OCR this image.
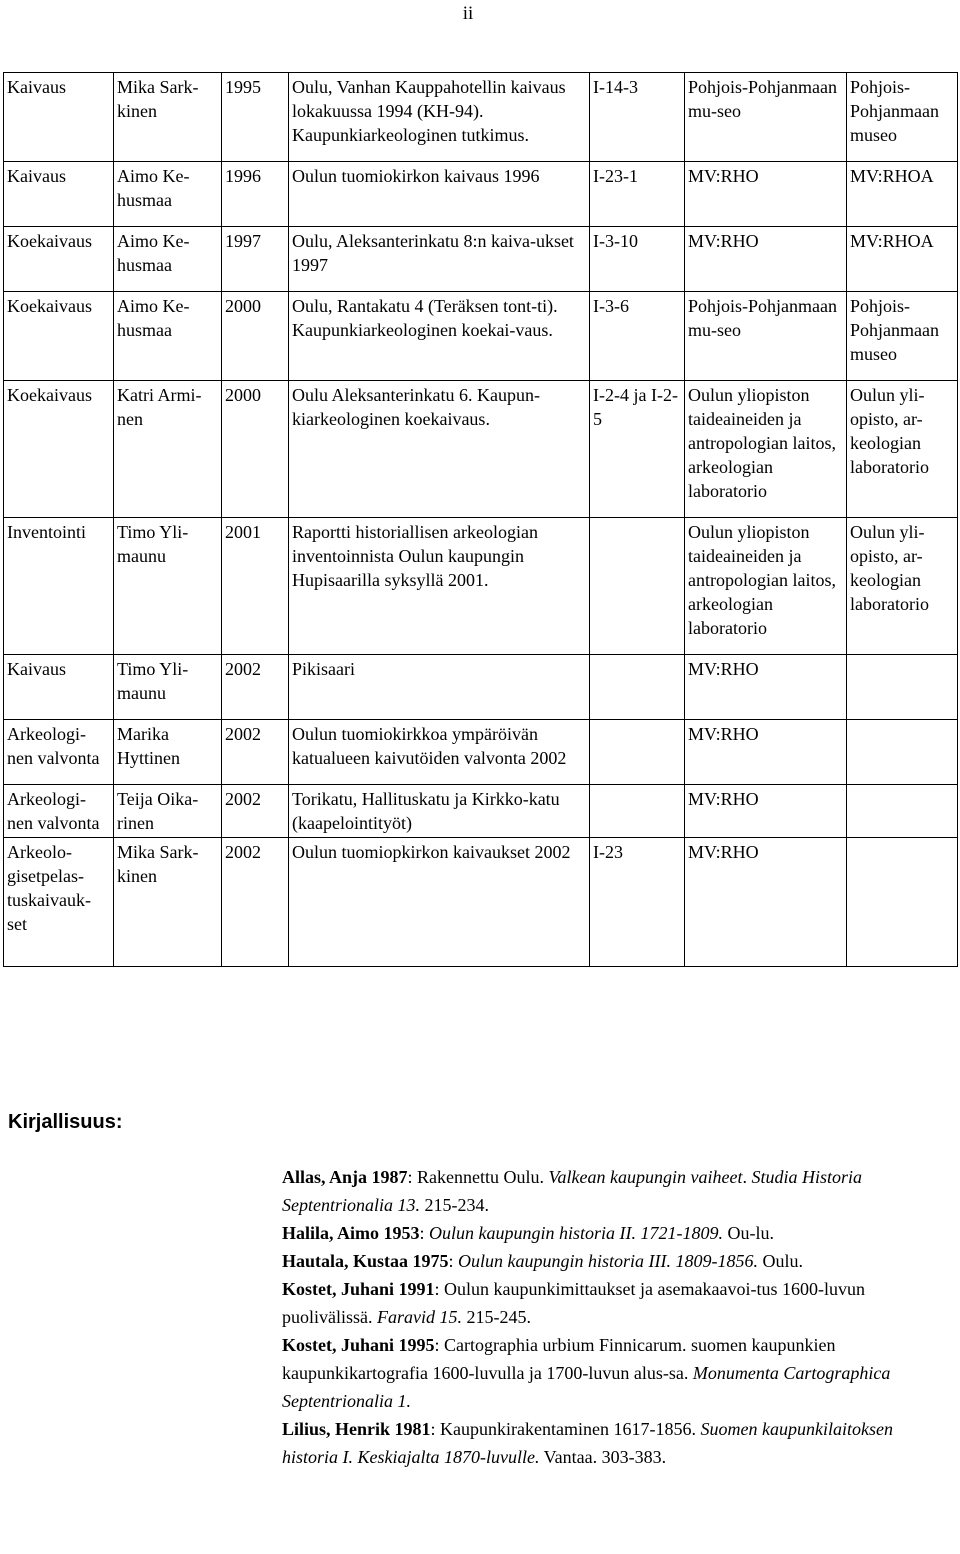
ii
Kaivaus	Mika Sark-kinen	1995	Oulu, Vanhan Kauppahotellin kaivaus lokakuussa 1994 (KH-94). Kaupunkiarkeologinen tutkimus.	I-14-3	Pohjois-Pohjanmaan mu-seo	Pohjois-Pohjanmaan museo
Kaivaus	Aimo Ke-husmaa	1996	Oulun tuomiokirkon kaivaus 1996	I-23-1	MV:RHO	MV:RHOA
Koekaivaus	Aimo Ke-husmaa	1997	Oulu, Aleksanterinkatu 8:n kaiva-ukset 1997	I-3-10	MV:RHO	MV:RHOA
Koekaivaus	Aimo Ke-husmaa	2000	Oulu, Rantakatu 4 (Teräksen tont-ti). Kaupunkiarkeologinen koekai-vaus.	I-3-6	Pohjois-Pohjanmaan mu-seo	Pohjois-Pohjanmaan museo
Koekaivaus	Katri Armi-nen	2000	Oulu Aleksanterinkatu 6. Kaupun-kiarkeologinen koekaivaus.	I-2-4 ja I-2-5	Oulun yliopiston taideaineiden ja antropologian laitos, arkeologian laboratorio	Oulun yli-opisto, ar-keologian laboratorio
Inventointi	Timo Yli-maunu	2001	Raportti historiallisen arkeologian inventoinnista Oulun kaupungin Hupisaarilla syksyllä 2001.		Oulun yliopiston taideaineiden ja antropologian laitos, arkeologian laboratorio	Oulun yli-opisto, ar-keologian laboratorio
Kaivaus	Timo Yli-maunu	2002	Pikisaari		MV:RHO	
Arkeologi-nen valvonta	Marika Hyttinen	2002	Oulun tuomiokirkkoa ympäröivän katualueen kaivutöiden valvonta 2002		MV:RHO	
Arkeologi-nen valvonta	Teija Oika-rinen	2002	Torikatu, Hallituskatu ja Kirkko-katu (kaapelointityöt)		MV:RHO	
Arkeolo-gisetpelas-tuskaivauk-set	Mika Sark-kinen	2002	Oulun tuomiopkirkon kaivaukset 2002	I-23	MV:RHO	
Kirjallisuus:

Allas, Anja 1987: Rakennettu Oulu. Valkean kaupungin vaiheet. Studia Historia Septentrionalia 13. 215-234.

Halila, Aimo 1953: Oulun kaupungin historia II. 1721-1809. Ou-lu.

Hautala, Kustaa 1975: Oulun kaupungin historia III. 1809-1856. Oulu.

Kostet, Juhani 1991: Oulun kaupunkimittaukset ja asemakaavoi-tus 1600-luvun puolivälissä. Faravid 15. 215-245.

Kostet, Juhani 1995: Cartographia urbium Finnicarum. suomen kaupunkien kaupunkikartografia 1600-luvulla ja 1700-luvun alus-sa. Monumenta Cartographica Septentrionalia 1.

Lilius, Henrik 1981: Kaupunkirakentaminen 1617-1856. Suomen kaupunkilaitoksen historia I. Keskiajalta 1870-luvulle. Vantaa. 303-383.
